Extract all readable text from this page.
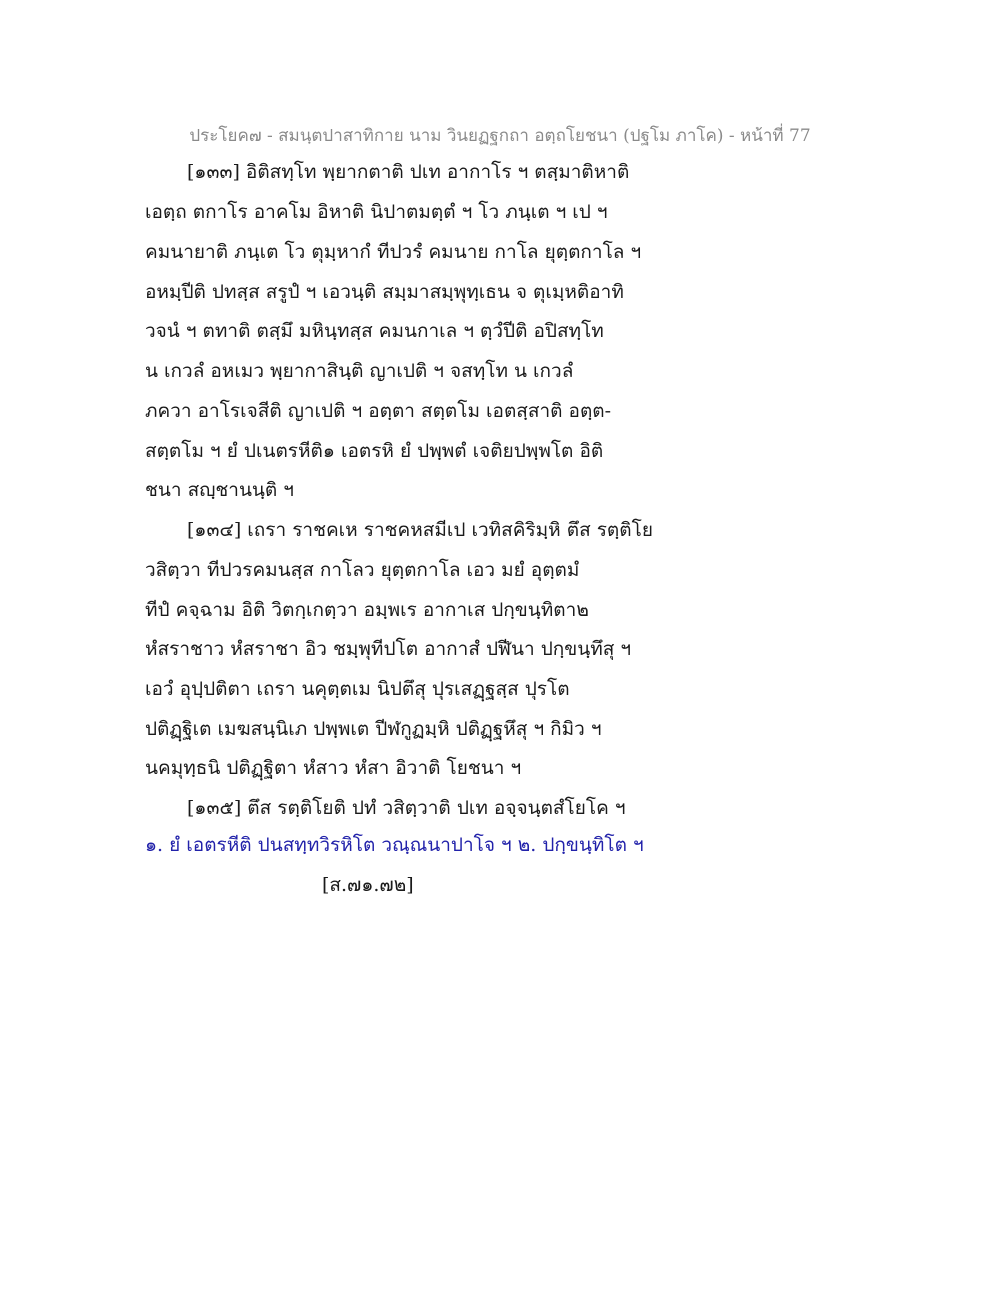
ประโยค๗ - สมนฺตปาสาทิกาย นาม วินยฏฐกถา อตฺถโยชนา (ปฐโม ภาโค) - หน้าที่ 77
[๑๓๓] อิติสทฺโท พฺยากตาติ ปเท อากาโร ฯ ตสฺมาติหาติ
เอตฺถ ตกาโร อาคโม อิหาติ นิปาตมตฺตํ ฯ โว ภนฺเต ฯ เป ฯ
คมนายาติ ภนฺเต โว ตุมฺหากํ ทีปวรํ คมนาย กาโล ยุตฺตกาโล ฯ
อหมฺปีติ ปทสฺส สรูปํ ฯ เอวนฺติ สมฺมาสมฺพุทฺเธน จ ตุเมฺหติอาทิ
วจนํ ฯ ตทาติ ตสฺมึ มหินฺทสฺส คมนกาเล ฯ ตฺวํปีติ อปิสทฺโท
น เกวลํ อหเมว พฺยากาสินฺติ ญาเปติ ฯ จสทฺโท น เกวลํ
ภควา อาโรเจสีติ ญาเปติ ฯ อตฺตา สตฺตโม เอตสฺสาติ อตฺต-
สตฺตโม ฯ ยํ ปเนตรหีติ๑ เอตรหิ ยํ ปพฺพตํ เจติยปพฺพโต อิติ
ชนา สญฺชานนฺติ ฯ
[๑๓๔] เถรา ราชคเห ราชคหสมีเป เวทิสคิริมฺหิ ตึส รตฺติโย
วสิตฺวา ทีปวรคมนสฺส กาโลว ยุตฺตกาโล เอว มยํ อุตฺตมํ
ทีปํ คจฺฉาม อิติ วิตกฺเกตฺวา อมฺพเร อากาเส ปกฺขนฺทิตา๒
หํสราชาว หํสราชา อิว ชมฺพุทีปโต อากาสํ ปฬีนา ปกฺขนฺทึสุ ฯ
เอวํ อุปฺปติตา เถรา นคุตฺตเม นิปตึสุ ปุรเสฏฺฐสฺส ปุรโต
ปติฏฺฐิเต เมฆสนฺนิเภ ปพฺพเต ปีฬกูฏมฺหิ ปติฏฺฐหึสุ ฯ กิมิว ฯ
นคมุทฺธนิ ปติฏฺฐิตา หํสาว หํสา อิวาติ โยชนา ฯ
[๑๓๕] ตึส รตฺติโยติ ปทํ วสิตฺวาติ ปเท อจฺจนฺตสํโยโค ฯ
๑. ยํ เอตรหีติ ปนสทฺทวิรหิโต วณฺณนาปาโจ ฯ ๒. ปกฺขนฺทิโต ฯ
[ส.๗๑.๗๒]
